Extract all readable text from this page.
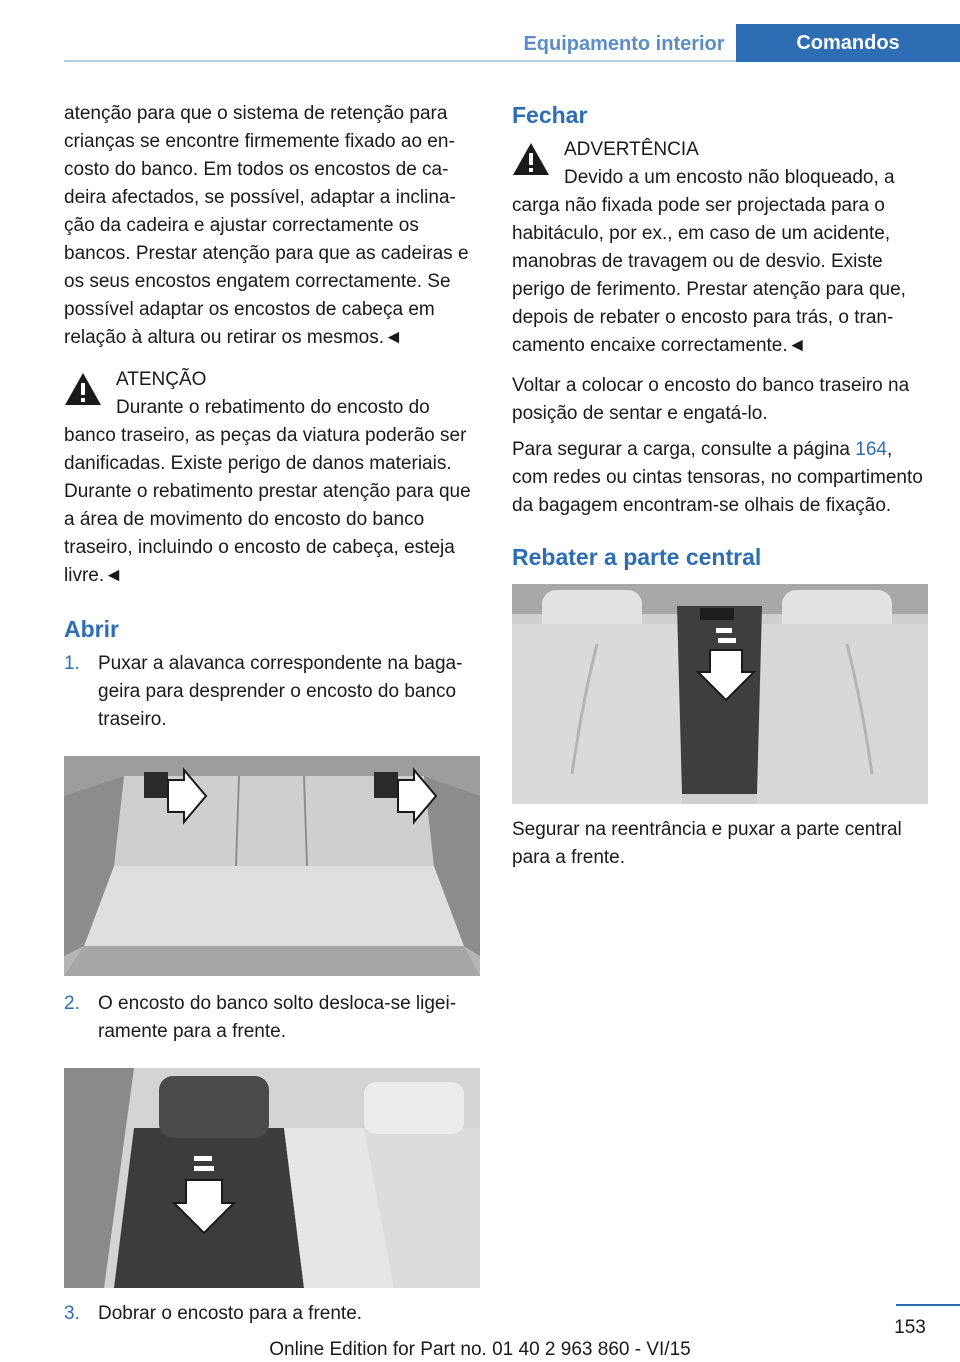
Equipamento interior	Comandos

atenção para que o sistema de retenção para crianças se encontre firmemente fixado ao encosto do banco. Em todos os encostos de cadeira afectados, se possível, adaptar a inclinação da cadeira e ajustar correctamente os bancos. Prestar atenção para que as cadeiras e os seus encostos engatem correctamente. Se possível adaptar os encostos de cabeça em relação à altura ou retirar os mesmos.◄

ATENÇÃO
Durante o rebatimento do encosto do
banco traseiro, as peças da viatura poderão ser danificadas. Existe perigo de danos materiais. Durante o rebatimento prestar atenção para que a área de movimento do encosto do banco traseiro, incluindo o encosto de cabeça, esteja livre.◄
Abrir
1. Puxar a alavanca correspondente na bagageira para desprender o encosto do banco traseiro.
2. O encosto do banco solto desloca-se ligeiramente para a frente.
3. Dobrar o encosto para a frente.
Fechar
ADVERTÊNCIA
Devido a um encosto não bloqueado, a
carga não fixada pode ser projectada para o habitáculo, por ex., em caso de um acidente, manobras de travagem ou de desvio. Existe perigo de ferimento. Prestar atenção para que, depois de rebater o encosto para trás, o trancamento encaixe correctamente.◄

Voltar a colocar o encosto do banco traseiro na posição de sentar e engatá-lo.

Para segurar a carga, consulte a página 164, com redes ou cintas tensoras, no compartimento da bagagem encontram-se olhais de fixação.

Rebater a parte central

Segurar na reentrância e puxar a parte central para a frente.

153
Online Edition for Part no. 01 40 2 963 860 - VI/15
